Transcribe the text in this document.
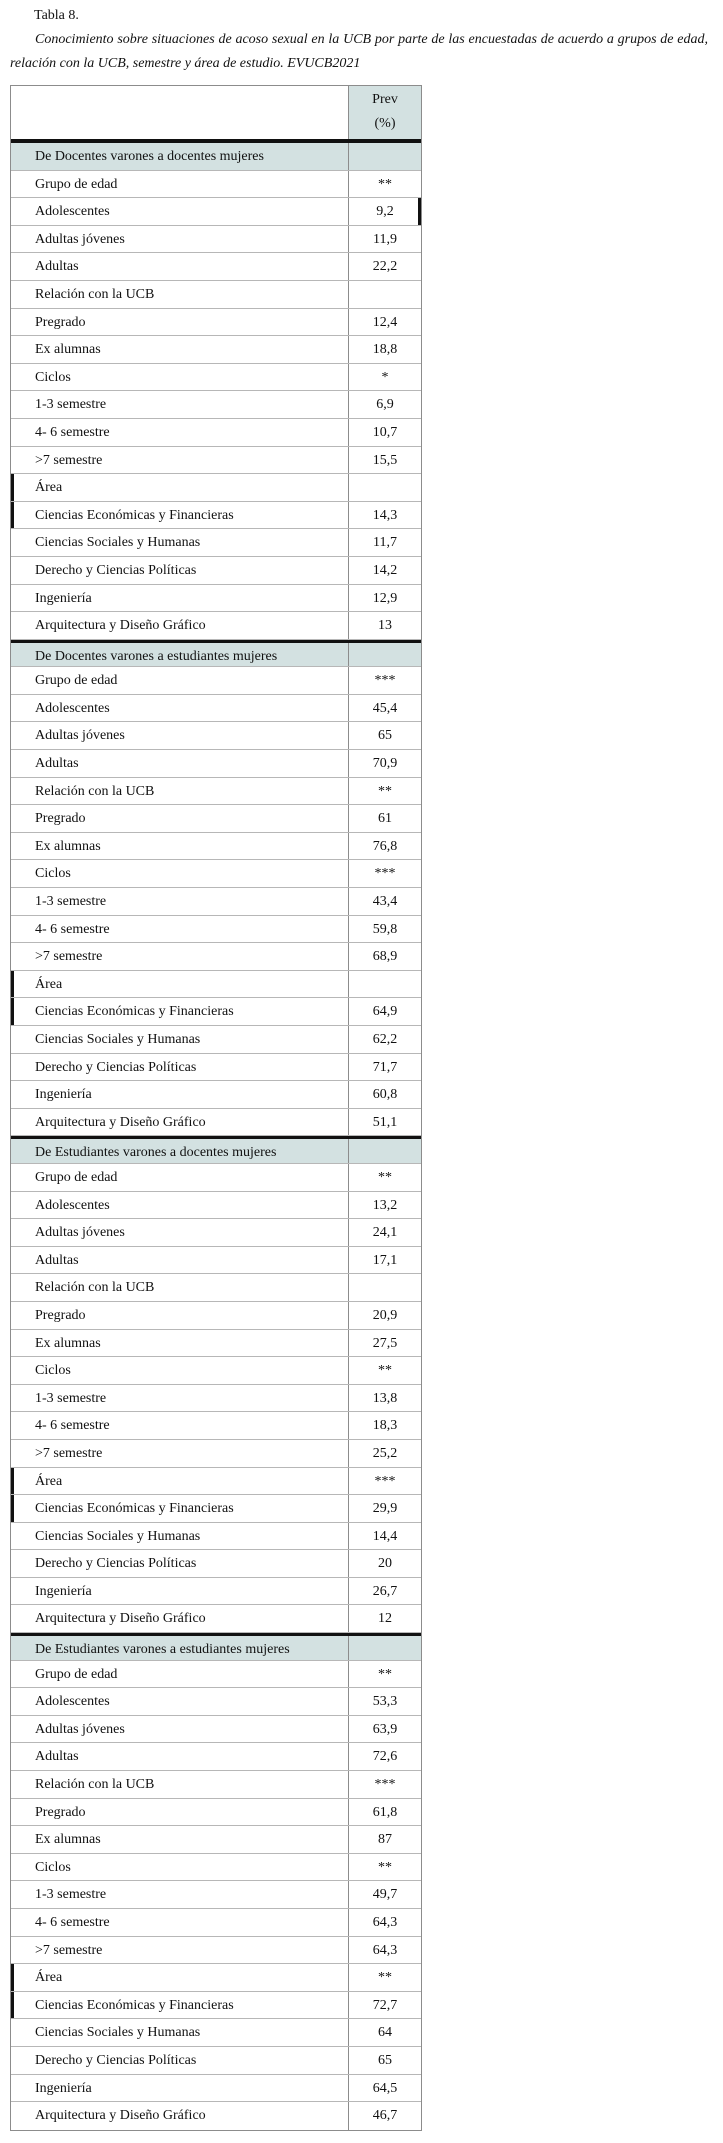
Tabla 8.
Conocimiento sobre situaciones de acoso sexual en la UCB por parte de las encuestadas de acuerdo a grupos de edad, relación con la UCB, semestre y área de estudio. EVUCB2021
Prev
(%)
De Docentes varones a docentes mujeres
Grupo de edad	**
Adolescentes	9,2
Adultas jóvenes	11,9
Adultas	22,2
Relación con la UCB
Pregrado	12,4
Ex alumnas	18,8
Ciclos	*
1-3 semestre	6,9
4- 6 semestre	10,7
>7 semestre	15,5
Área
Ciencias Económicas y Financieras	14,3
Ciencias Sociales y Humanas	11,7
Derecho y Ciencias Políticas	14,2
Ingeniería	12,9
Arquitectura y Diseño Gráfico	13
De Docentes varones a estudiantes mujeres
Grupo de edad	***
Adolescentes	45,4
Adultas jóvenes	65
Adultas	70,9
Relación con la UCB	**
Pregrado	61
Ex alumnas	76,8
Ciclos	***
1-3 semestre	43,4
4- 6 semestre	59,8
>7 semestre	68,9
Área
Ciencias Económicas y Financieras	64,9
Ciencias Sociales y Humanas	62,2
Derecho y Ciencias Políticas	71,7
Ingeniería	60,8
Arquitectura y Diseño Gráfico	51,1
De Estudiantes varones a docentes mujeres
Grupo de edad	**
Adolescentes	13,2
Adultas jóvenes	24,1
Adultas	17,1
Relación con la UCB
Pregrado	20,9
Ex alumnas	27,5
Ciclos	**
1-3 semestre	13,8
4- 6 semestre	18,3
>7 semestre	25,2
Área	***
Ciencias Económicas y Financieras	29,9
Ciencias Sociales y Humanas	14,4
Derecho y Ciencias Políticas	20
Ingeniería	26,7
Arquitectura y Diseño Gráfico	12
De Estudiantes varones a estudiantes mujeres
Grupo de edad	**
Adolescentes	53,3
Adultas jóvenes	63,9
Adultas	72,6
Relación con la UCB	***
Pregrado	61,8
Ex alumnas	87
Ciclos	**
1-3 semestre	49,7
4- 6 semestre	64,3
>7 semestre	64,3
Área	**
Ciencias Económicas y Financieras	72,7
Ciencias Sociales y Humanas	64
Derecho y Ciencias Políticas	65
Ingeniería	64,5
Arquitectura y Diseño Gráfico	46,7
